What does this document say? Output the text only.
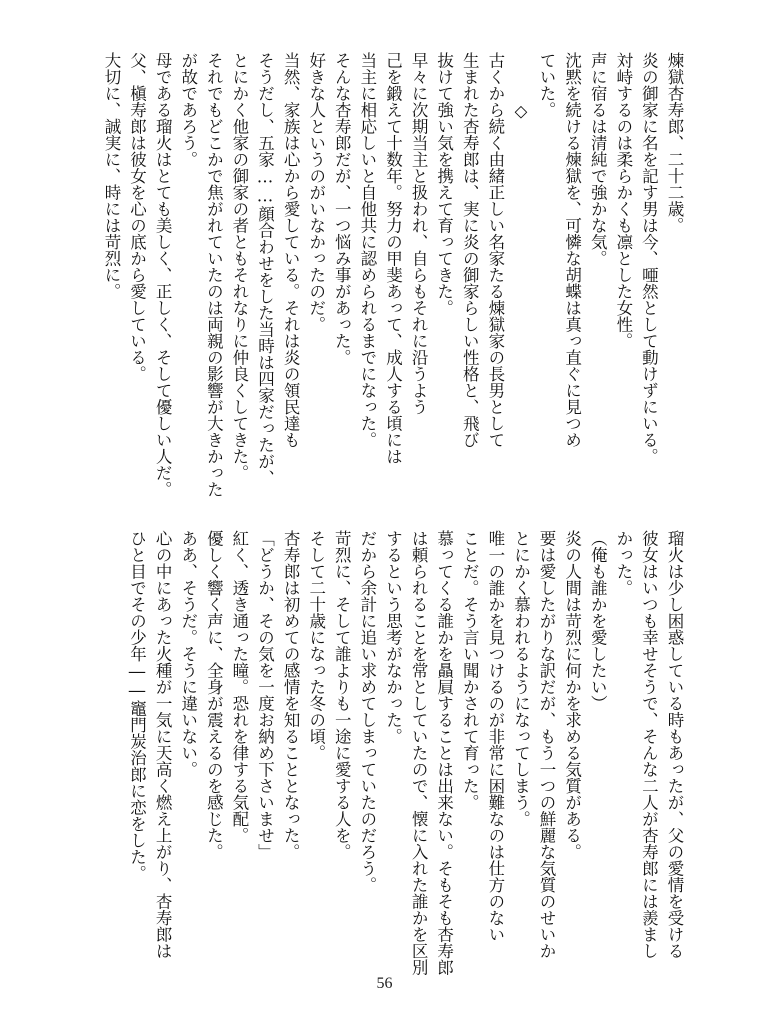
煉獄杏寿郎、二十二歳。
炎の御家に名を記す男は今、唖然として動けずにいる。
対峙するのは柔らかくも凛とした女性。
声に宿るは清純で強かな気。
沈黙を続ける煉獄を、可憐な胡蝶は真っ直ぐに見つめ
ていた。
　　　◇
古くから続く由緒正しい名家たる煉獄家の長男として
生まれた杏寿郎は、実に炎の御家らしい性格と、飛び
抜けて強い気を携えて育ってきた。
早々に次期当主と扱われ、自らもそれに沿うよう
己を鍛えて十数年。努力の甲斐あって、成人する頃には
当主に相応しいと自他共に認められるまでになった。
そんな杏寿郎だが、一つ悩み事があった。
好きな人というのがいなかったのだ。
当然、家族は心から愛している。それは炎の領民達も
そうだし、五家……顔合わせをした当時は四家だったが、
とにかく他家の御家の者ともそれなりに仲良くしてきた。
それでもどこかで焦がれていたのは両親の影響が大きかった
が故であろう。
母である瑠火はとても美しく、正しく、そして優しい人だ。
父、槇寿郎は彼女を心の底から愛している。
大切に、誠実に、時には苛烈に。
瑠火は少し困惑している時もあったが、父の愛情を受ける
彼女はいつも幸せそうで、そんな二人が杏寿郎には羨まし
かった。
（俺も誰かを愛したい）
炎の人間は苛烈に何かを求める気質がある。
要は愛したがりな訳だが、もう一つの鮮麗な気質のせいか
とにかく慕われるようになってしまう。
唯一の誰かを見つけるのが非常に困難なのは仕方のない
ことだ。そう言い聞かされて育った。
慕ってくる誰かを贔屓することは出来ない。そもそも杏寿郎
は頼られることを常としていたので、懐に入れた誰かを区別
するという思考がなかった。
だから余計に追い求めてしまっていたのだろう。
苛烈に、そして誰よりも一途に愛する人を。
そして二十歳になった冬の頃。
杏寿郎は初めての感情を知ることとなった。
「どうか、その気を一度お納め下さいませ」
紅く、透き通った瞳。恐れを律する気配。
優しく響く声に、全身が震えるのを感じた。
ああ、そうだ。そうに違いない。
心の中にあった火種が一気に天高く燃え上がり、杏寿郎は
ひと目でその少年――竈門炭治郎に恋をした。
56
